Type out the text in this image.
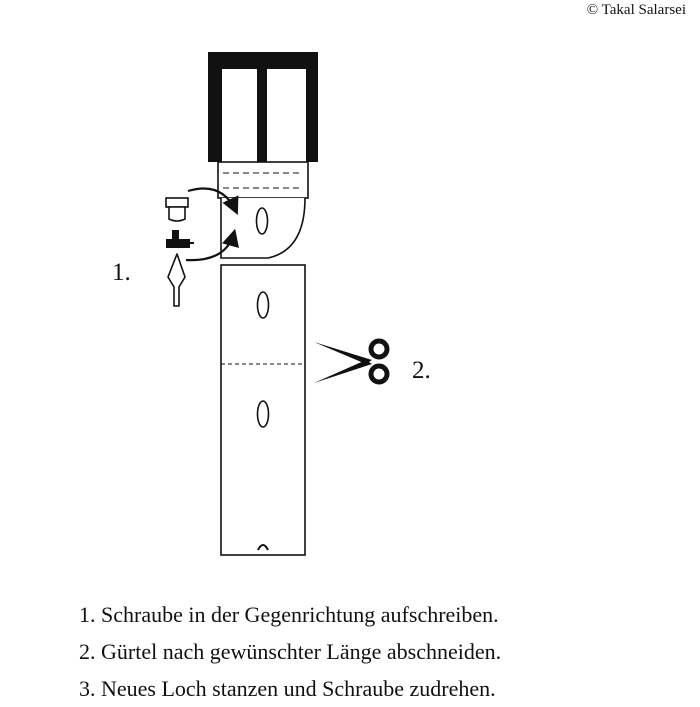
© Takal Salarsei
1.
2.
1. Schraube in der Gegenrichtung aufschreiben.
2. Gürtel nach gewünschter Länge abschneiden.
3. Neues Loch stanzen und Schraube zudrehen.
